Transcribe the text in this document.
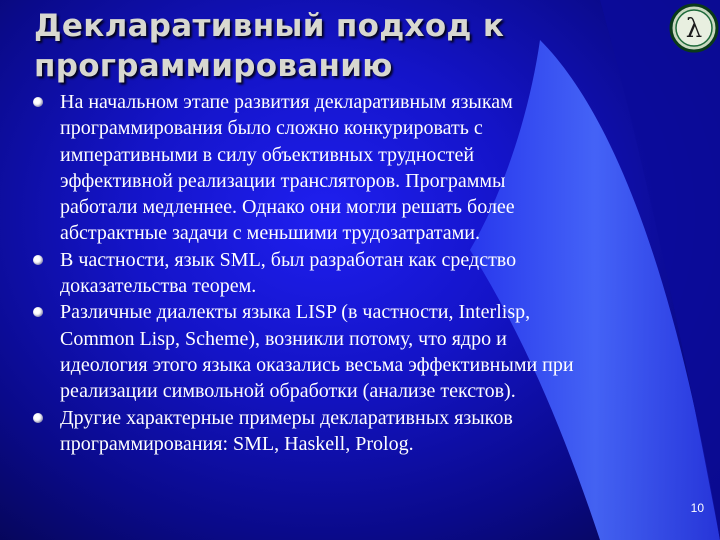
Декларативный подход к
программированию
λ
На начальном этапе развития декларативным языкам
программирования было сложно конкурировать с
императивными в силу объективных трудностей
эффективной реализации трансляторов. Программы
работали медленнее. Однако они могли решать более
абстрактные задачи с меньшими трудозатратами.
В частности, язык SML, был разработан как средство
доказательства теорем.
Различные диалекты языка LISP (в частности, Interlisp,
Common Lisp, Scheme), возникли потому, что ядро и
идеология этого языка оказались весьма эффективными при
реализации символьной обработки (анализе текстов).
Другие характерные примеры декларативных языков
программирования: SML, Haskell, Prolog.
10
